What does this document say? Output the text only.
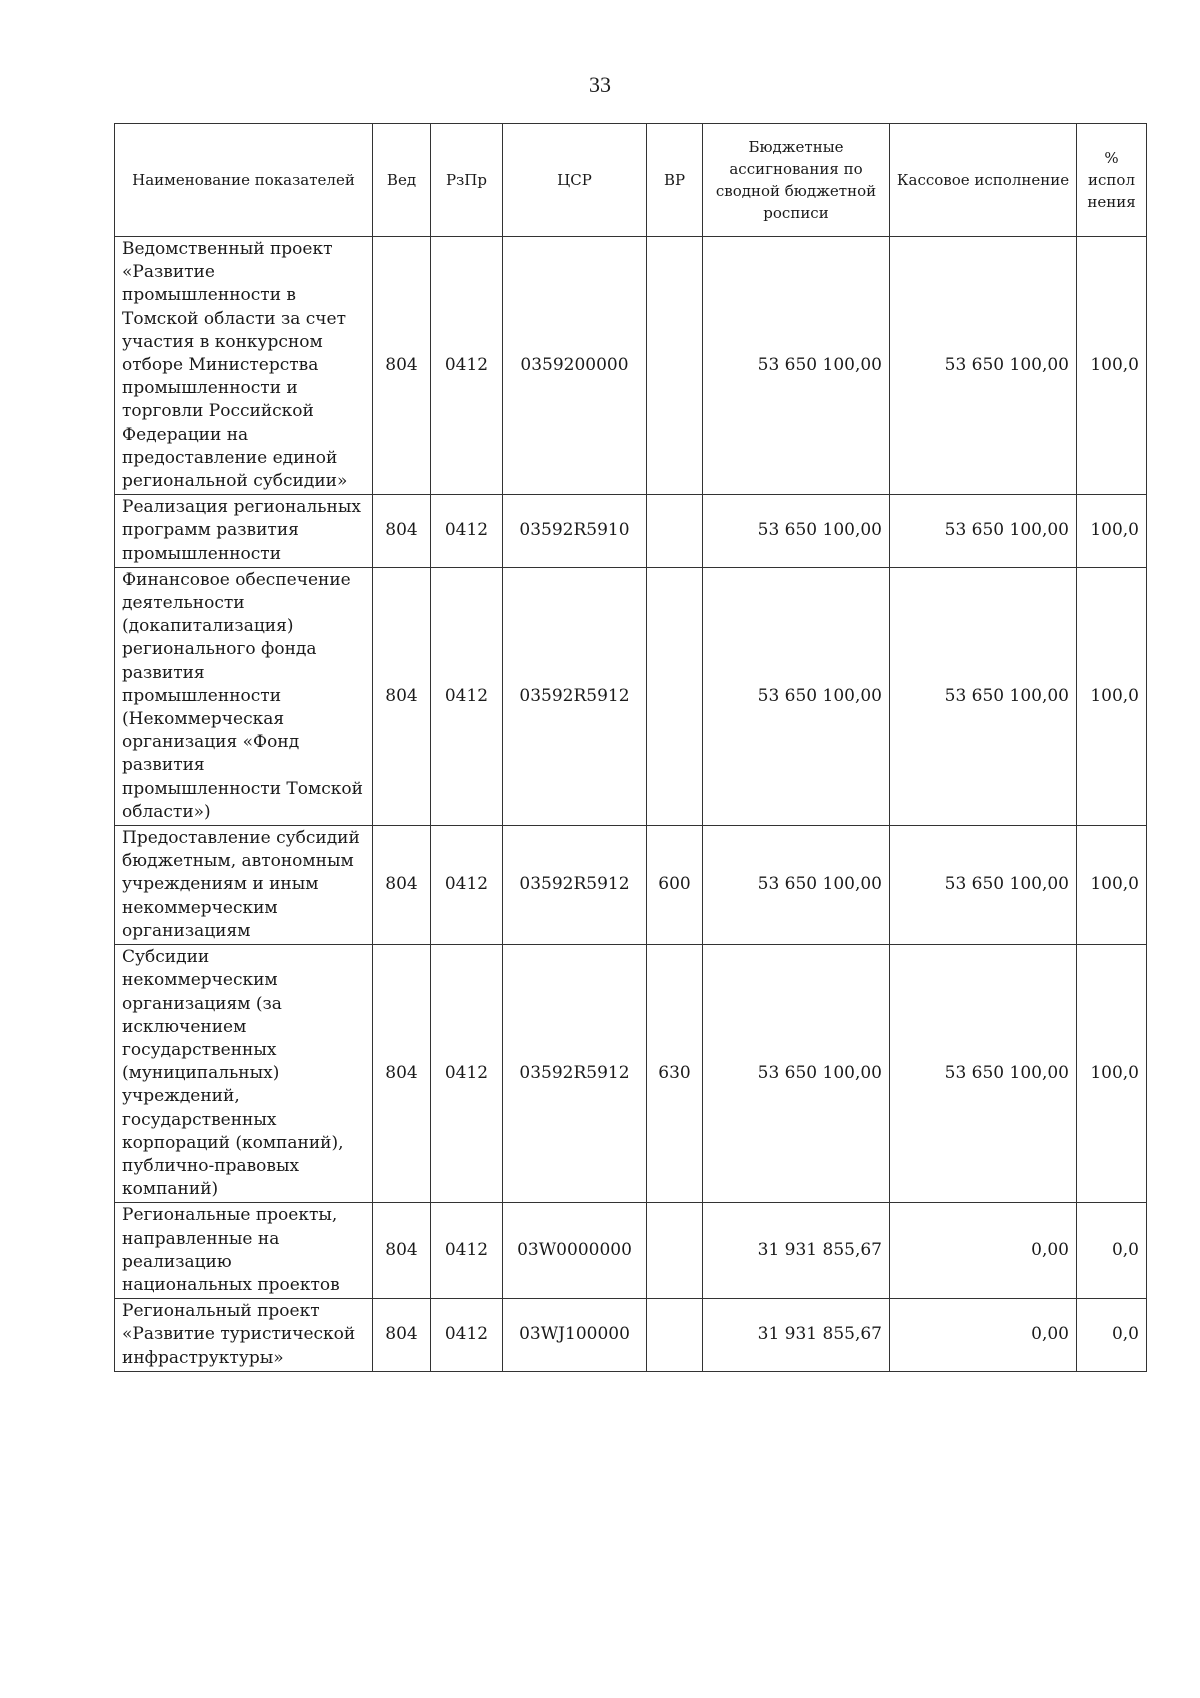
33
Наименование показателей	Вед	РзПр	ЦСР	ВР	Бюджетные ассигнования по сводной бюджетной росписи	Кассовое исполнение	% испол нения
Ведомственный проект «Развитие промышленности в Томской области за счет участия в конкурсном отборе Министерства промышленности и торговли Российской Федерации на предоставление единой региональной субсидии»	804	0412	0359200000		53 650 100,00	53 650 100,00	100,0
Реализация региональных программ развития промышленности	804	0412	03592R5910		53 650 100,00	53 650 100,00	100,0
Финансовое обеспечение деятельности (докапитализация) регионального фонда развития промышленности (Некоммерческая организация «Фонд развития промышленности Томской области»)	804	0412	03592R5912		53 650 100,00	53 650 100,00	100,0
Предоставление субсидий бюджетным, автономным учреждениям и иным некоммерческим организациям	804	0412	03592R5912	600	53 650 100,00	53 650 100,00	100,0
Субсидии некоммерческим организациям (за исключением государственных (муниципальных) учреждений, государственных корпораций (компаний), публично-правовых компаний)	804	0412	03592R5912	630	53 650 100,00	53 650 100,00	100,0
Региональные проекты, направленные на реализацию национальных проектов	804	0412	03W0000000		31 931 855,67	0,00	0,0
Региональный проект «Развитие туристической инфраструктуры»	804	0412	03WJ100000		31 931 855,67	0,00	0,0
